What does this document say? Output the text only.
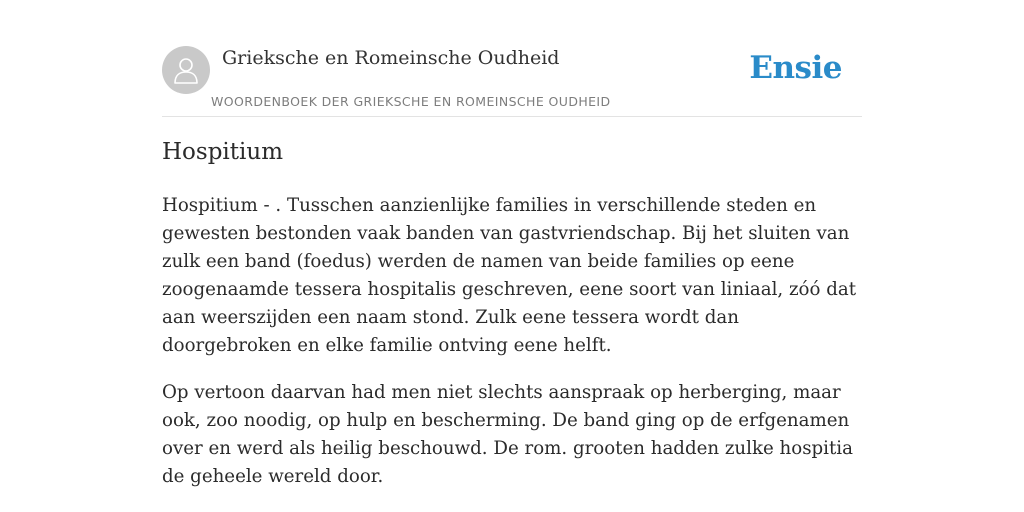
Grieksche en Romeinsche Oudheid
WOORDENBOEK DER GRIEKSCHE EN ROMEINSCHE OUDHEID
Ensie
Hospitium

Hospitium - . Tusschen aanzienlijke families in verschillende steden en gewesten bestonden vaak banden van gastvriendschap. Bij het sluiten van zulk een band (foedus) werden de namen van beide families op eene zoogenaamde tessera hospitalis geschreven, eene soort van liniaal, zóó dat aan weerszijden een naam stond. Zulk eene tessera wordt dan doorgebroken en elke familie ontving eene helft.

Op vertoon daarvan had men niet slechts aanspraak op herberging, maar ook, zoo noodig, op hulp en bescherming. De band ging op de erfgenamen over en werd als heilig beschouwd. De rom. grooten hadden zulke hospitia de geheele wereld door.
